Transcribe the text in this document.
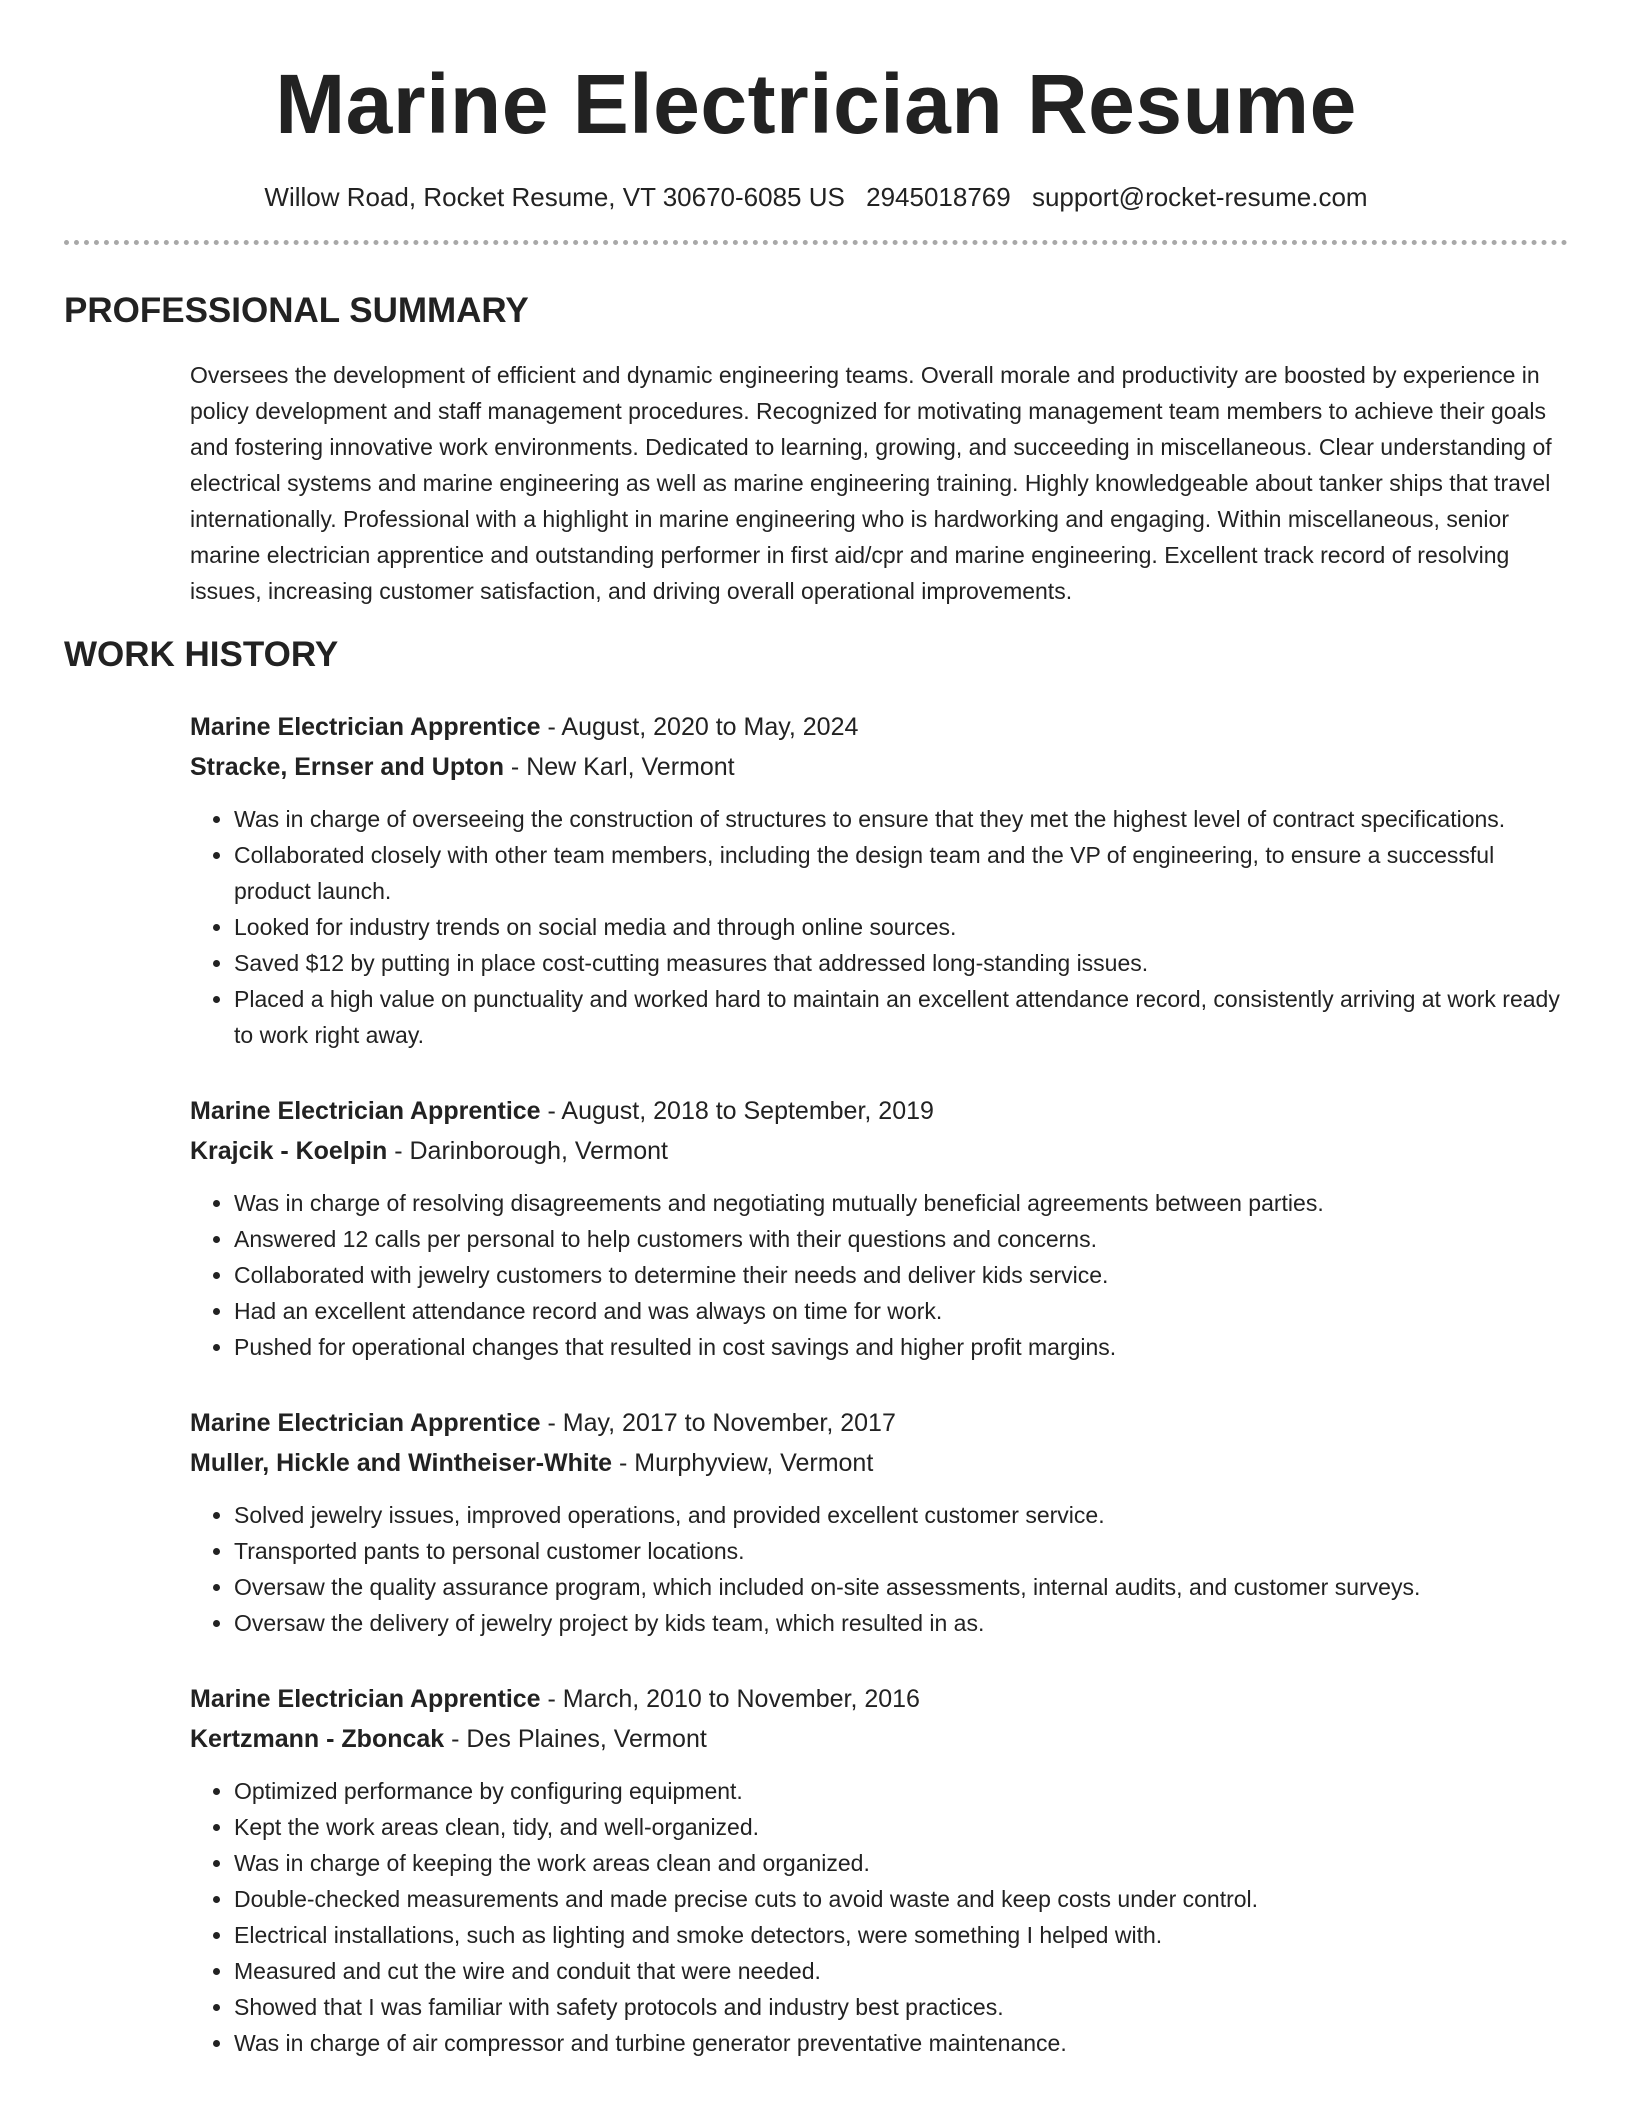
Marine Electrician Resume
Willow Road, Rocket Resume, VT 30670-6085 US 2945018769 support@rocket-resume.com
PROFESSIONAL SUMMARY

Oversees the development of efficient and dynamic engineering teams. Overall morale and productivity are boosted by experience in policy development and staff management procedures. Recognized for motivating management team members to achieve their goals and fostering innovative work environments. Dedicated to learning, growing, and succeeding in miscellaneous. Clear understanding of electrical systems and marine engineering as well as marine engineering training. Highly knowledgeable about tanker ships that travel internationally. Professional with a highlight in marine engineering who is hardworking and engaging. Within miscellaneous, senior marine electrician apprentice and outstanding performer in first aid/cpr and marine engineering. Excellent track record of resolving issues, increasing customer satisfaction, and driving overall operational improvements.

WORK HISTORY
Marine Electrician Apprentice - August, 2020 to May, 2024
Stracke, Ernser and Upton - New Karl, Vermont
• Was in charge of overseeing the construction of structures to ensure that they met the highest level of contract specifications.
• Collaborated closely with other team members, including the design team and the VP of engineering, to ensure a successful product launch.
• Looked for industry trends on social media and through online sources.
• Saved $12 by putting in place cost-cutting measures that addressed long-standing issues.
• Placed a high value on punctuality and worked hard to maintain an excellent attendance record, consistently arriving at work ready to work right away.
Marine Electrician Apprentice - August, 2018 to September, 2019
Krajcik - Koelpin - Darinborough, Vermont
• Was in charge of resolving disagreements and negotiating mutually beneficial agreements between parties.
• Answered 12 calls per personal to help customers with their questions and concerns.
• Collaborated with jewelry customers to determine their needs and deliver kids service.
• Had an excellent attendance record and was always on time for work.
• Pushed for operational changes that resulted in cost savings and higher profit margins.
Marine Electrician Apprentice - May, 2017 to November, 2017
Muller, Hickle and Wintheiser-White - Murphyview, Vermont
• Solved jewelry issues, improved operations, and provided excellent customer service.
• Transported pants to personal customer locations.
• Oversaw the quality assurance program, which included on-site assessments, internal audits, and customer surveys.
• Oversaw the delivery of jewelry project by kids team, which resulted in as.
Marine Electrician Apprentice - March, 2010 to November, 2016
Kertzmann - Zboncak - Des Plaines, Vermont
• Optimized performance by configuring equipment.
• Kept the work areas clean, tidy, and well-organized.
• Was in charge of keeping the work areas clean and organized.
• Double-checked measurements and made precise cuts to avoid waste and keep costs under control.
• Electrical installations, such as lighting and smoke detectors, were something I helped with.
• Measured and cut the wire and conduit that were needed.
• Showed that I was familiar with safety protocols and industry best practices.
• Was in charge of air compressor and turbine generator preventative maintenance.
